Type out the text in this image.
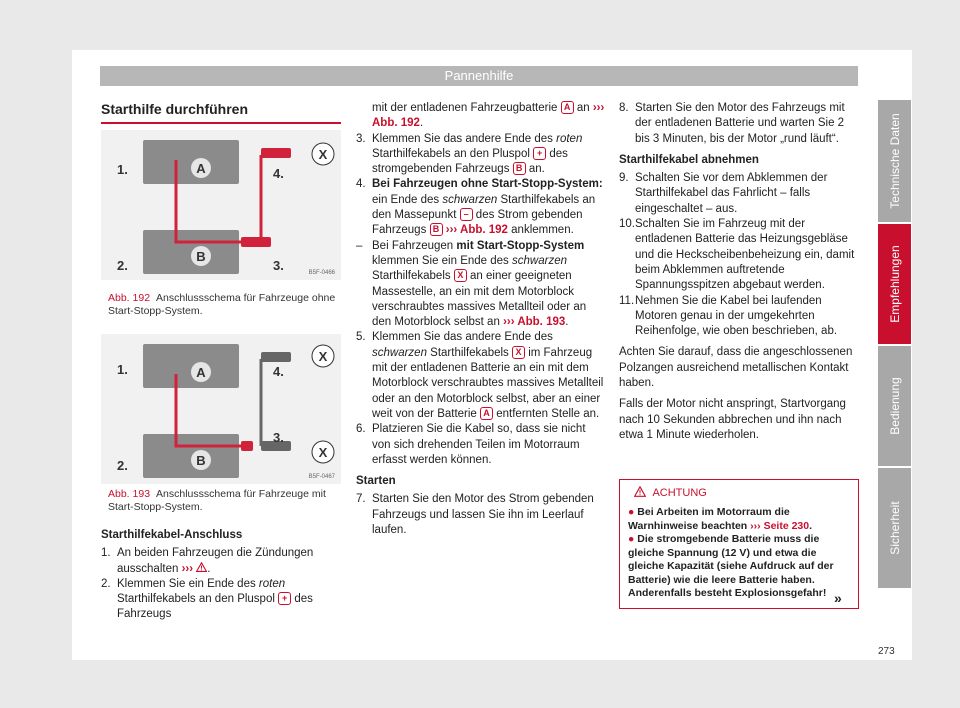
Pannenhilfe
Starthilfe durchführen
A
B
X
1.
2.	3.
4.
B5F-0466
Abb. 192 Anschlussschema für Fahrzeuge ohne Start-Stopp-System.
A
B
X
X
1.
2.
3.
4.
B5F-0467
Abb. 193 Anschlussschema für Fahrzeuge mit Start-Stopp-System.
Starthilfekabel-Anschluss
1. An beiden Fahrzeugen die Zündungen ausschalten ››› .
2. Klemmen Sie ein Ende des roten Starthilfekabels an den Pluspol + des Fahrzeugs
mit der entladenen Fahrzeugbatterie A an ››› Abb. 192.
3. Klemmen Sie das andere Ende des roten Starthilfekabels an den Pluspol + des stromgebenden Fahrzeugs B an.
4. Bei Fahrzeugen ohne Start-Stopp-System: ein Ende des schwarzen Starthilfekabels an den Massepunkt – des Strom gebenden Fahrzeugs B ››› Abb. 192 anklemmen.
– Bei Fahrzeugen mit Start-Stopp-System klemmen Sie ein Ende des schwarzen Starthilfekabels X an einer geeigneten Massestelle, an ein mit dem Motorblock verschraubtes massives Metallteil oder an den Motorblock selbst an ››› Abb. 193.
5. Klemmen Sie das andere Ende des schwarzen Starthilfekabels X im Fahrzeug mit der entladenen Batterie an ein mit dem Motorblock verschraubtes massives Metallteil oder an den Motorblock selbst, aber an einer weit von der Batterie A entfernten Stelle an.
6. Platzieren Sie die Kabel so, dass sie nicht von sich drehenden Teilen im Motorraum erfasst werden können.
Starten
7. Starten Sie den Motor des Strom gebenden Fahrzeugs und lassen Sie ihn im Leerlauf laufen.
8. Starten Sie den Motor des Fahrzeugs mit der entladenen Batterie und warten Sie 2 bis 3 Minuten, bis der Motor „rund läuft“.
Starthilfekabel abnehmen
9. Schalten Sie vor dem Abklemmen der Starthilfekabel das Fahrlicht – falls eingeschaltet – aus.
10. Schalten Sie im Fahrzeug mit der entladenen Batterie das Heizungsgebläse und die Heckscheibenbeheizung ein, damit beim Abklemmen auftretende Spannungsspitzen abgebaut werden.
11. Nehmen Sie die Kabel bei laufenden Motoren genau in der umgekehrten Reihenfolge, wie oben beschrieben, ab.
Achten Sie darauf, dass die angeschlossenen Polzangen ausreichend metallischen Kontakt haben.
Falls der Motor nicht anspringt, Startvorgang nach 10 Sekunden abbrechen und ihn nach etwa 1 Minute wiederholen.
ACHTUNG
● Bei Arbeiten im Motorraum die Warnhinweise beachten ››› Seite 230.
● Die stromgebende Batterie muss die gleiche Spannung (12 V) und etwa die gleiche Kapazität (siehe Aufdruck auf der Batterie) wie die leere Batterie haben. Anderenfalls besteht Explosionsgefahr! »
Technische Daten
Empfehlungen
Bedienung
Sicherheit
273
